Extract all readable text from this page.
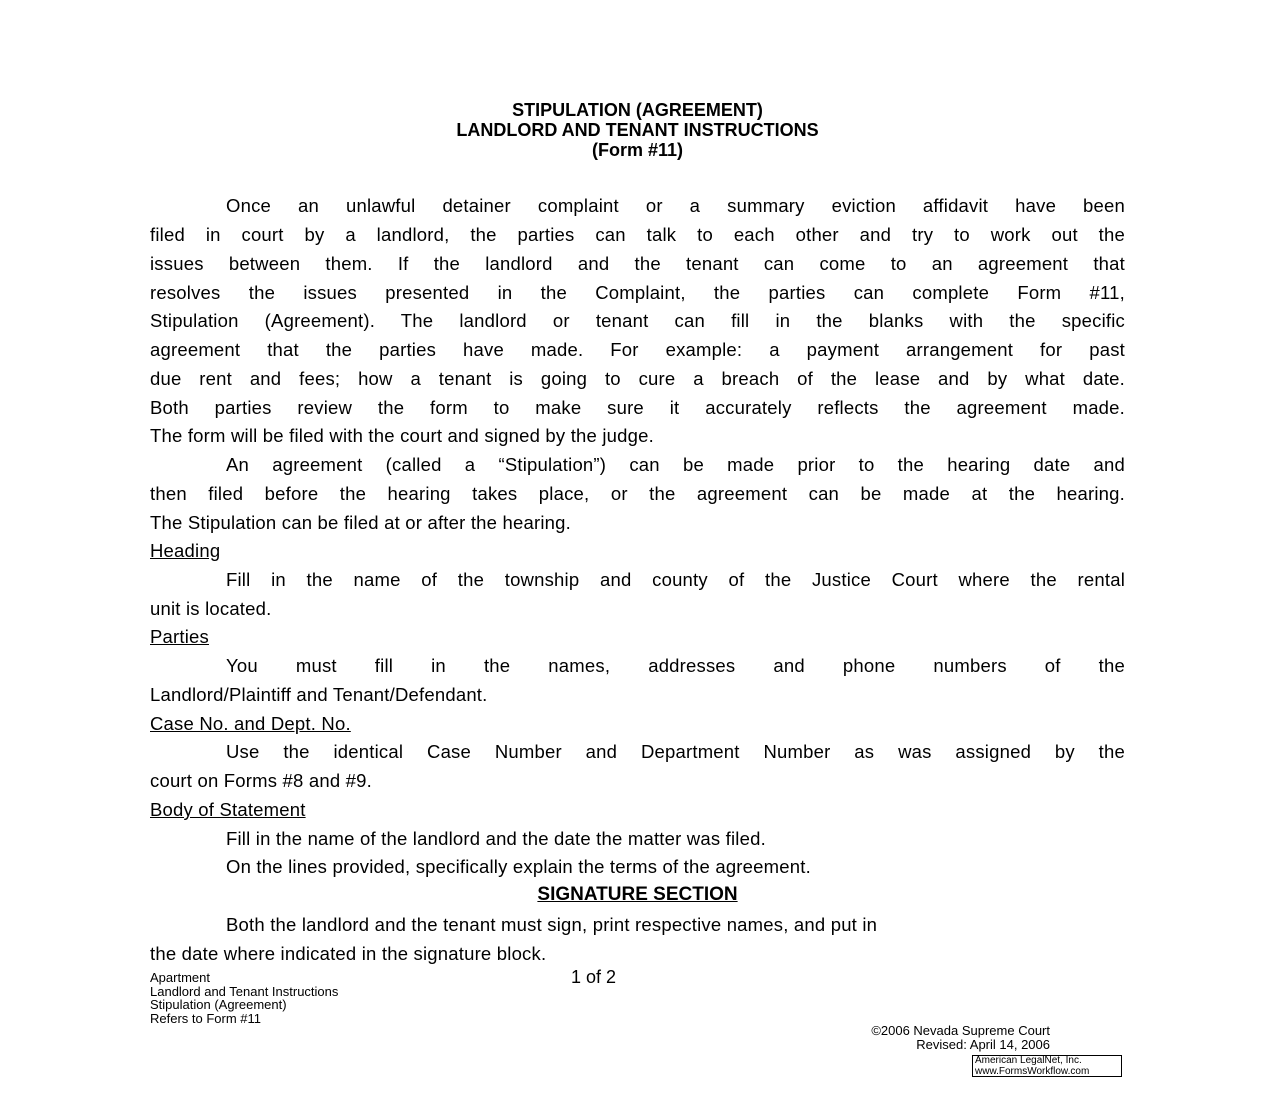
STIPULATION (AGREEMENT)
LANDLORD AND TENANT INSTRUCTIONS
(Form #11)
Once an unlawful detainer complaint or a summary eviction affidavit have been
filed in court by a landlord, the parties can talk to each other and try to work out the
issues between them. If the landlord and the tenant can come to an agreement that
resolves the issues presented in the Complaint, the parties can complete Form #11,
Stipulation (Agreement). The landlord or tenant can fill in the blanks with the specific
agreement that the parties have made. For example: a payment arrangement for past
due rent and fees; how a tenant is going to cure a breach of the lease and by what date.
Both parties review the form to make sure it accurately reflects the agreement made.
The form will be filed with the court and signed by the judge.
An agreement (called a “Stipulation”) can be made prior to the hearing date and
then filed before the hearing takes place, or the agreement can be made at the hearing.
The Stipulation can be filed at or after the hearing.
Heading
Fill in the name of the township and county of the Justice Court where the rental
unit is located.
Parties
You must fill in the names, addresses and phone numbers of the
Landlord/Plaintiff and Tenant/Defendant.
Case No. and Dept. No.
Use the identical Case Number and Department Number as was assigned by the
court on Forms #8 and #9.
Body of Statement
Fill in the name of the landlord and the date the matter was filed.
On the lines provided, specifically explain the terms of the agreement.
SIGNATURE SECTION
Both the landlord and the tenant must sign, print respective names, and put in
the date where indicated in the signature block.
Apartment
Landlord and Tenant Instructions
Stipulation (Agreement)
Refers to Form #11
1 of 2
©2006 Nevada Supreme Court
Revised: April 14, 2006
American LegalNet, Inc.
www.FormsWorkflow.com
